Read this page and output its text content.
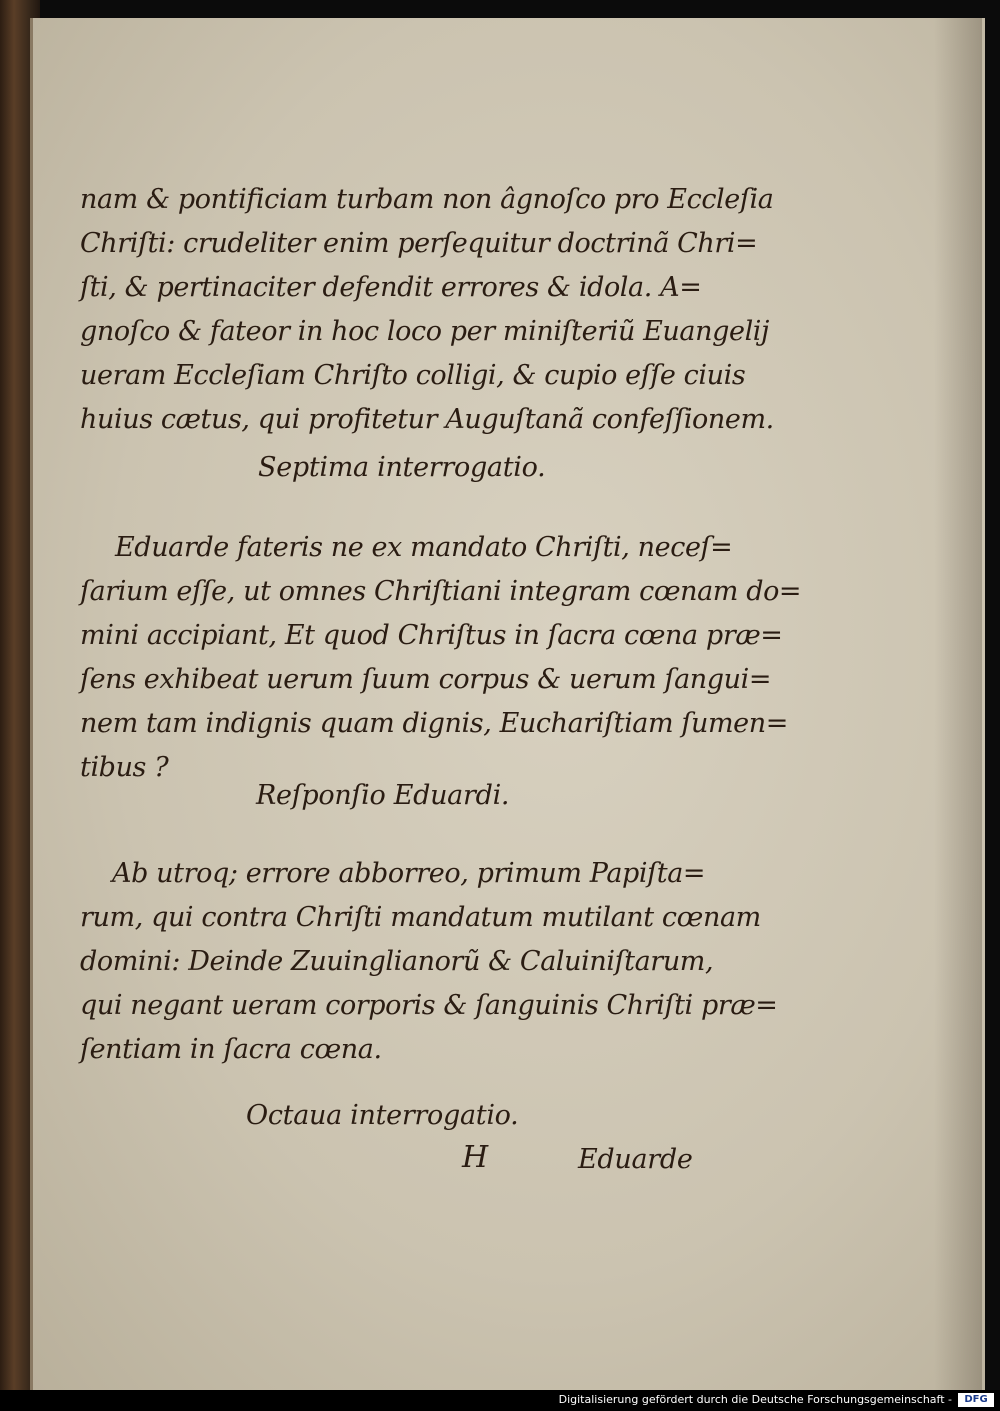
nam & pontificiam turbam non âgnoſco pro Eccleſia
Chriſti: crudeliter enim perſequitur doctrinã Chri=
ſti, & pertinaciter defendit errores & idola. A=
gnoſco & fateor in hoc loco per miniſteriũ Euangelij
ueram Eccleſiam Chriſto colligi, & cupio eſſe ciuis
huius cætus, qui profitetur Auguſtanã confeſſionem.
Septima interrogatio.
Eduarde fateris ne ex mandato Chriſti, neceſ=
ſarium eſſe, ut omnes Chriſtiani integram cœnam do=
mini accipiant, Et quod Chriſtus in ſacra cœna præ=
ſens exhibeat uerum ſuum corpus & uerum ſangui=
nem tam indignis quam dignis, Euchariſtiam ſumen=
tibus ?
Reſponſio Eduardi.
Ab utroq; errore abborreo, primum Papiſta=
rum, qui contra Chriſti mandatum mutilant cœnam
domini: Deinde Zuuinglianorũ & Caluiniſtarum,
qui negant ueram corporis & ſanguinis Chriſti præ=
ſentiam in ſacra cœna.
Octaua interrogatio.
H	Eduarde
Digitalisierung gefördert durch die Deutsche Forschungsgemeinschaft -	DFG
